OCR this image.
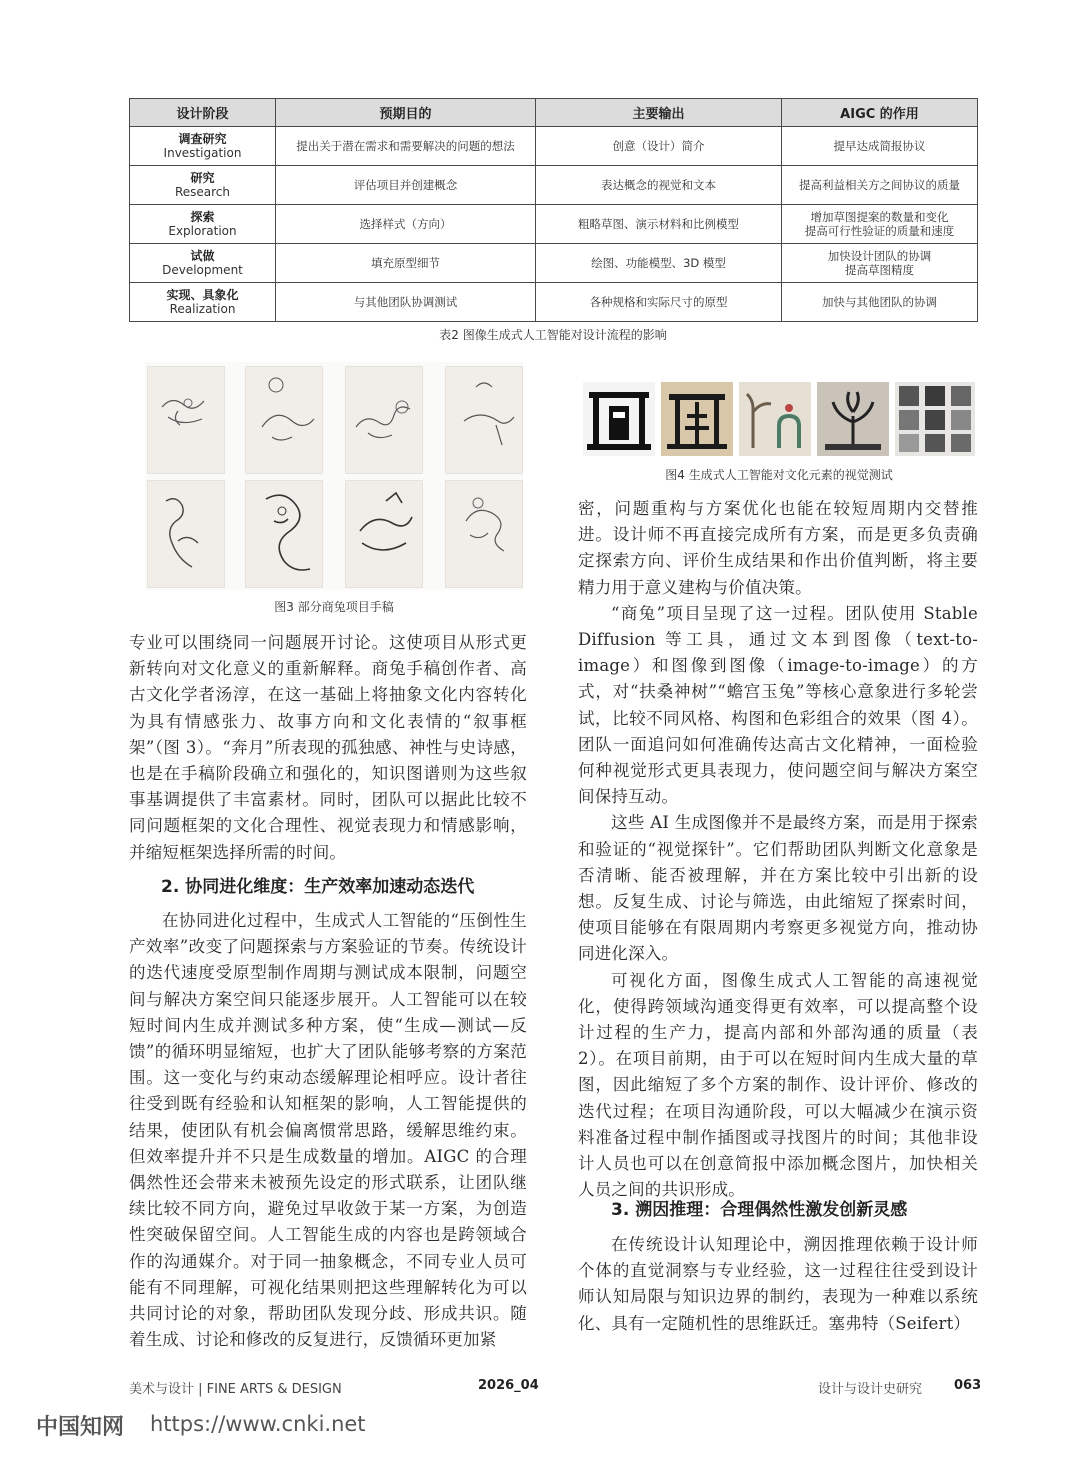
设计阶段	预期目的	主要输出	AIGC 的作用

调查研究
Investigation	提出关于潜在需求和需要解决的问题的想法	创意（设计）简介	提早达成简报协议

研究
Research	评估项目并创建概念	表达概念的视觉和文本	提高利益相关方之间协议的质量

探索
Exploration	选择样式（方向）	粗略草图、演示材料和比例模型	增加草图提案的数量和变化
提高可行性验证的质量和速度

试做
Development	填充原型细节	绘图、功能模型、3D 模型	加快设计团队的协调
提高草图精度

实现、具象化
Realization	与其他团队协调测试	各种规格和实际尺寸的原型	加快与其他团队的协调
表2 图像生成式人工智能对设计流程的影响
图3 部分商兔项目手稿
图4 生成式人工智能对文化元素的视觉测试

专业可以围绕同一问题展开讨论。这使项目从形式更新转向对文化意义的重新解释。商兔手稿创作者、高古文化学者汤淳，在这一基础上将抽象文化内容转化为具有情感张力、故事方向和文化表情的“叙事框架”（图 3）。“奔月”所表现的孤独感、神性与史诗感，也是在手稿阶段确立和强化的，知识图谱则为这些叙事基调提供了丰富素材。同时，团队可以据此比较不同问题框架的文化合理性、视觉表现力和情感影响，并缩短框架选择所需的时间。

2. 协同进化维度：生产效率加速动态迭代

在协同进化过程中，生成式人工智能的“压倒性生产效率”改变了问题探索与方案验证的节奏。传统设计的迭代速度受原型制作周期与测试成本限制，问题空间与解决方案空间只能逐步展开。人工智能可以在较短时间内生成并测试多种方案，使“生成—测试—反馈”的循环明显缩短，也扩大了团队能够考察的方案范围。这一变化与约束动态缓解理论相呼应。设计者往往受到既有经验和认知框架的影响，人工智能提供的结果，使团队有机会偏离惯常思路，缓解思维约束。但效率提升并不只是生成数量的增加。AIGC 的合理偶然性还会带来未被预先设定的形式联系，让团队继续比较不同方向，避免过早收敛于某一方案，为创造性突破保留空间。人工智能生成的内容也是跨领域合作的沟通媒介。对于同一抽象概念，不同专业人员可能有不同理解，可视化结果则把这些理解转化为可以共同讨论的对象，帮助团队发现分歧、形成共识。随着生成、讨论和修改的反复进行，反馈循环更加紧

密，问题重构与方案优化也能在较短周期内交替推进。设计师不再直接完成所有方案，而是更多负责确定探索方向、评价生成结果和作出价值判断，将主要精力用于意义建构与价值决策。

“商兔”项目呈现了这一过程。团队使用 Stable Diffusion 等工具，通过文本到图像（text-to-image）和图像到图像（image-to-image）的方式，对“扶桑神树”“蟾宫玉兔”等核心意象进行多轮尝试，比较不同风格、构图和色彩组合的效果（图 4）。团队一面追问如何准确传达高古文化精神，一面检验何种视觉形式更具表现力，使问题空间与解决方案空间保持互动。

这些 AI 生成图像并不是最终方案，而是用于探索和验证的“视觉探针”。它们帮助团队判断文化意象是否清晰、能否被理解，并在方案比较中引出新的设想。反复生成、讨论与筛选，由此缩短了探索时间，使项目能够在有限周期内考察更多视觉方向，推动协同进化深入。

可视化方面，图像生成式人工智能的高速视觉化，使得跨领域沟通变得更有效率，可以提高整个设计过程的生产力，提高内部和外部沟通的质量（表 2）。在项目前期，由于可以在短时间内生成大量的草图，因此缩短了多个方案的制作、设计评价、修改的迭代过程；在项目沟通阶段，可以大幅减少在演示资料准备过程中制作插图或寻找图片的时间；其他非设计人员也可以在创意简报中添加概念图片，加快相关人员之间的共识形成。

3. 溯因推理：合理偶然性激发创新灵感

在传统设计认知理论中，溯因推理依赖于设计师个体的直觉洞察与专业经验，这一过程往往受到设计师认知局限与知识边界的制约，表现为一种难以系统化、具有一定随机性的思维跃迁。塞弗特（Seifert）

美术与设计 | FINE ARTS & DESIGN	2026_04	设计与设计史研究 063
中国知网 https://www.cnki.net
